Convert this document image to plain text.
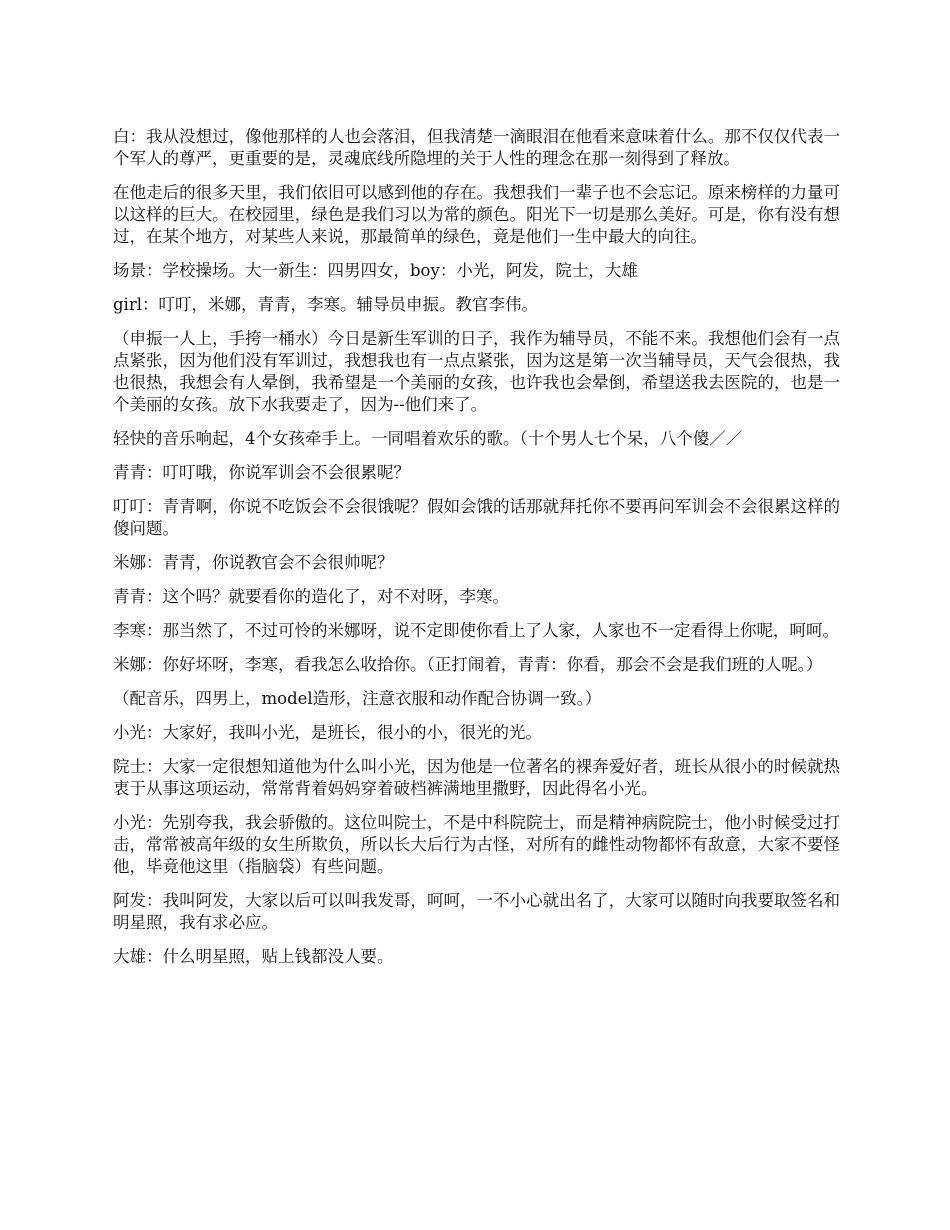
白：我从没想过，像他那样的人也会落泪，但我清楚一滴眼泪在他看来意味着什么。那不仅仅代表一个军人的尊严，更重要的是，灵魂底线所隐埋的关于人性的理念在那一刻得到了释放。

在他走后的很多天里，我们依旧可以感到他的存在。我想我们一辈子也不会忘记。原来榜样的力量可以这样的巨大。在校园里，绿色是我们习以为常的颜色。阳光下一切是那么美好。可是，你有没有想过，在某个地方，对某些人来说，那最简单的绿色，竟是他们一生中最大的向往。

场景：学校操场。大一新生：四男四女，boy：小光，阿发，院士，大雄

girl：叮叮，米娜，青青，李寒。辅导员申振。教官李伟。

（申振一人上，手挎一桶水）今日是新生军训的日子，我作为辅导员，不能不来。我想他们会有一点点紧张，因为他们没有军训过，我想我也有一点点紧张，因为这是第一次当辅导员，天气会很热，我也很热，我想会有人晕倒，我希望是一个美丽的女孩，也许我也会晕倒，希望送我去医院的，也是一个美丽的女孩。放下水我要走了，因为--他们来了。

轻快的音乐响起，4个女孩牵手上。一同唱着欢乐的歌。（十个男人七个呆，八个傻／／

青青：叮叮哦，你说军训会不会很累呢？

叮叮：青青啊，你说不吃饭会不会很饿呢？假如会饿的话那就拜托你不要再问军训会不会很累这样的傻问题。

米娜：青青，你说教官会不会很帅呢？

青青：这个吗？就要看你的造化了，对不对呀，李寒。

李寒：那当然了，不过可怜的米娜呀，说不定即使你看上了人家，人家也不一定看得上你呢，呵呵。

米娜：你好坏呀，李寒，看我怎么收拾你。（正打闹着，青青：你看，那会不会是我们班的人呢。）

（配音乐，四男上，model造形，注意衣服和动作配合协调一致。）

小光：大家好，我叫小光，是班长，很小的小，很光的光。

院士：大家一定很想知道他为什么叫小光，因为他是一位著名的裸奔爱好者，班长从很小的时候就热衷于从事这项运动，常常背着妈妈穿着破档裤满地里撒野，因此得名小光。

小光：先别夸我，我会骄傲的。这位叫院士，不是中科院院士，而是精神病院院士，他小时候受过打击，常常被高年级的女生所欺负，所以长大后行为古怪，对所有的雌性动物都怀有敌意，大家不要怪他，毕竟他这里（指脑袋）有些问题。

阿发：我叫阿发，大家以后可以叫我发哥，呵呵，一不小心就出名了，大家可以随时向我要取签名和明星照，我有求必应。

大雄：什么明星照，贴上钱都没人要。
